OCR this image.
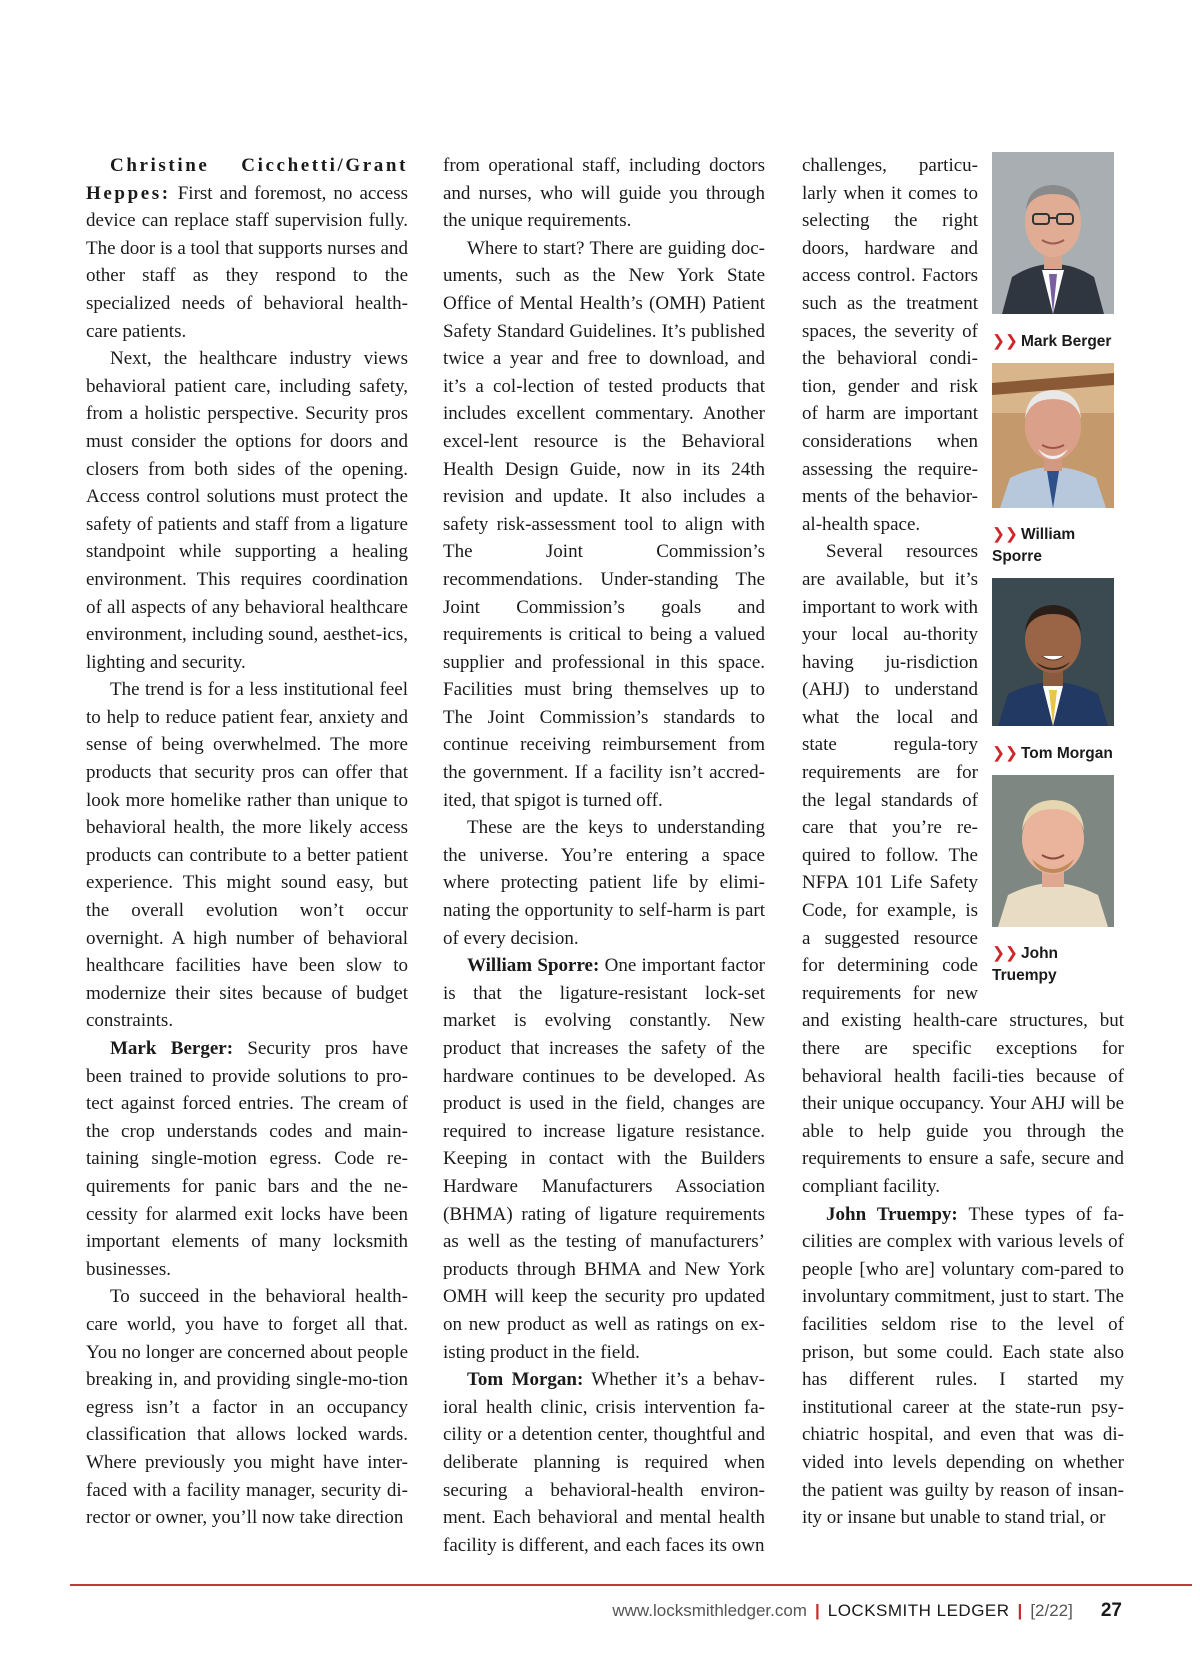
Christine Cicchetti/Grant Heppes: First and foremost, no access device can replace staff supervision fully. The door is a tool that supports nurses and other staff as they respond to the specialized needs of behavioral health-care patients.

Next, the healthcare industry views behavioral patient care, including safety, from a holistic perspective. Security pros must consider the options for doors and closers from both sides of the opening. Access control solutions must protect the safety of patients and staff from a ligature standpoint while supporting a healing environment. This requires coordination of all aspects of any behavioral healthcare environment, including sound, aesthet-ics, lighting and security.

The trend is for a less institutional feel to help to reduce patient fear, anxiety and sense of being overwhelmed. The more products that security pros can offer that look more homelike rather than unique to behavioral health, the more likely access products can contribute to a better patient experience. This might sound easy, but the overall evolution won’t occur overnight. A high number of behavioral healthcare facilities have been slow to modernize their sites because of budget constraints.

Mark Berger: Security pros have been trained to provide solutions to pro-tect against forced entries. The cream of the crop understands codes and main-taining single-motion egress. Code re-quirements for panic bars and the ne-cessity for alarmed exit locks have been important elements of many locksmith businesses.

To succeed in the behavioral health-care world, you have to forget all that. You no longer are concerned about people breaking in, and providing single-mo-tion egress isn’t a factor in an occupancy classification that allows locked wards. Where previously you might have inter-faced with a facility manager, security di-rector or owner, you’ll now take direction

from operational staff, including doctors and nurses, who will guide you through the unique requirements.

Where to start? There are guiding doc-uments, such as the New York State Office of Mental Health’s (OMH) Patient Safety Standard Guidelines. It’s published twice a year and free to download, and it’s a col-lection of tested products that includes excellent commentary. Another excel-lent resource is the Behavioral Health Design Guide, now in its 24th revision and update. It also includes a safety risk-assessment tool to align with The Joint Commission’s recommendations. Under-standing The Joint Commission’s goals and requirements is critical to being a valued supplier and professional in this space. Facilities must bring themselves up to The Joint Commission’s standards to continue receiving reimbursement from the government. If a facility isn’t accred-ited, that spigot is turned off.

These are the keys to understanding the universe. You’re entering a space where protecting patient life by elimi-nating the opportunity to self-harm is part of every decision.

William Sporre: One important factor is that the ligature-resistant lock-set market is evolving constantly. New product that increases the safety of the hardware continues to be developed. As product is used in the field, changes are required to increase ligature resistance. Keeping in contact with the Builders Hardware Manufacturers Association (BHMA) rating of ligature requirements as well as the testing of manufacturers’ products through BHMA and New York OMH will keep the security pro updated on new product as well as ratings on ex-isting product in the field.

Tom Morgan: Whether it’s a behav-ioral health clinic, crisis intervention fa-cility or a detention center, thoughtful and deliberate planning is required when securing a behavioral-health environ-ment. Each behavioral and mental health facility is different, and each faces its own

❯❯ Mark Berger
❯❯ William Sporre
❯❯ Tom Morgan
❯❯ John Truempy

challenges, particu-larly when it comes to selecting the right doors, hardware and access control. Factors such as the treatment spaces, the severity of the behavioral condi-tion, gender and risk of harm are important considerations when assessing the require-ments of the behavior-al-health space.

Several resources are available, but it’s important to work with your local au-thority having ju-risdiction (AHJ) to understand what the local and state regula-tory requirements are for the legal standards of care that you’re re-quired to follow. The NFPA 101 Life Safety Code, for example, is a suggested resource for determining code requirements for new and existing health-care structures, but there are specific exceptions for behavioral health facili-ties because of their unique occupancy. Your AHJ will be able to help guide you through the requirements to ensure a safe, secure and compliant facility.

John Truempy: These types of fa-cilities are complex with various levels of people [who are] voluntary com-pared to involuntary commitment, just to start. The facilities seldom rise to the level of prison, but some could. Each state also has different rules. I started my institutional career at the state-run psy-chiatric hospital, and even that was di-vided into levels depending on whether the patient was guilty by reason of insan-ity or insane but unable to stand trial, or

www.locksmithledger.com | LOCKSMITH LEDGER | [2/22] 27
